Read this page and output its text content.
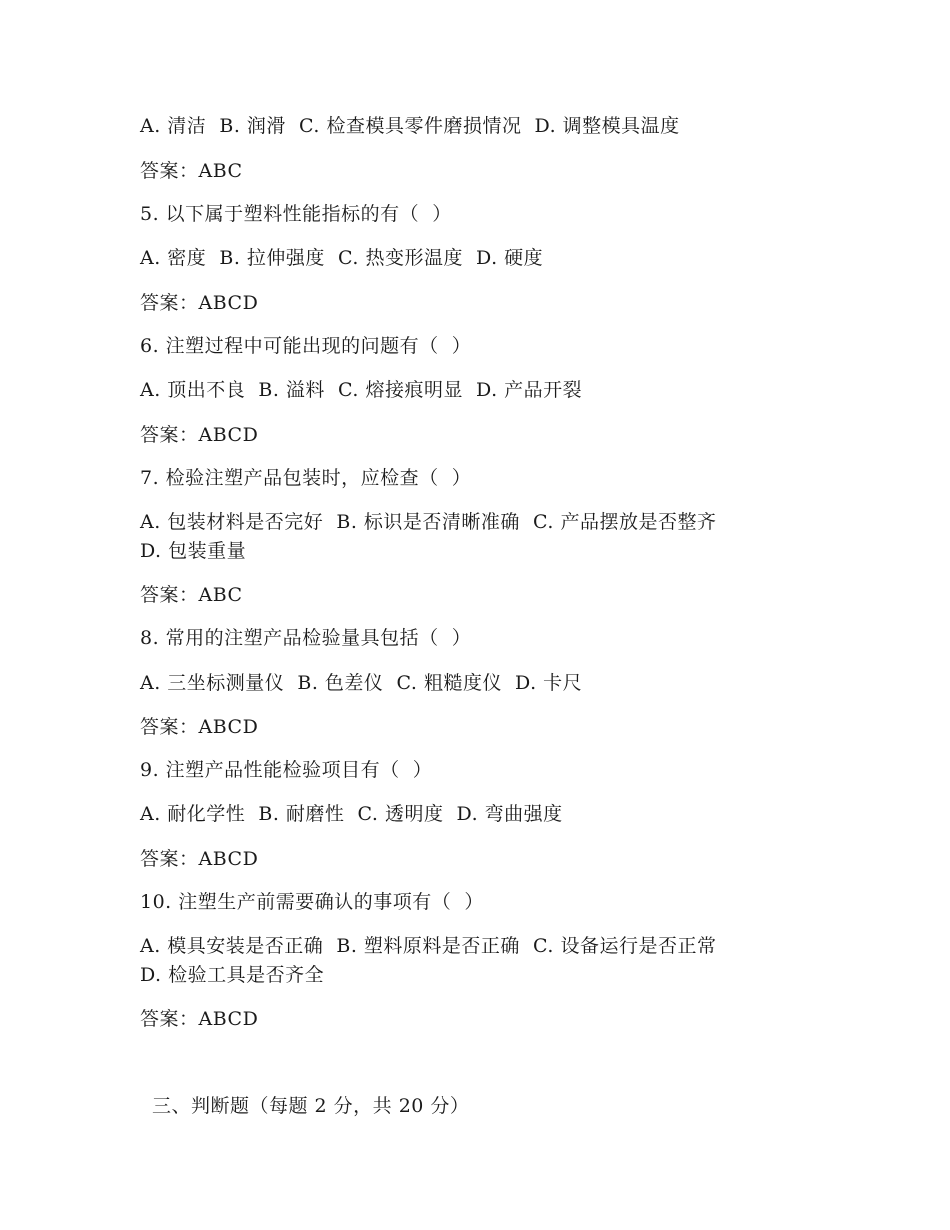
A. 清洁  B. 润滑  C. 检查模具零件磨损情况  D. 调整模具温度
答案：ABC
5. 以下属于塑料性能指标的有（  ）
A. 密度  B. 拉伸强度  C. 热变形温度  D. 硬度
答案：ABCD
6. 注塑过程中可能出现的问题有（  ）
A. 顶出不良  B. 溢料  C. 熔接痕明显  D. 产品开裂
答案：ABCD
7. 检验注塑产品包装时，应检查（  ）
A. 包装材料是否完好  B. 标识是否清晰准确  C. 产品摆放是否整齐
D. 包装重量
答案：ABC
8. 常用的注塑产品检验量具包括（  ）
A. 三坐标测量仪  B. 色差仪  C. 粗糙度仪  D. 卡尺
答案：ABCD
9. 注塑产品性能检验项目有（  ）
A. 耐化学性  B. 耐磨性  C. 透明度  D. 弯曲强度
答案：ABCD
10. 注塑生产前需要确认的事项有（  ）
A. 模具安装是否正确  B. 塑料原料是否正确  C. 设备运行是否正常
D. 检验工具是否齐全
答案：ABCD
三、判断题（每题 2 分，共 20 分）
